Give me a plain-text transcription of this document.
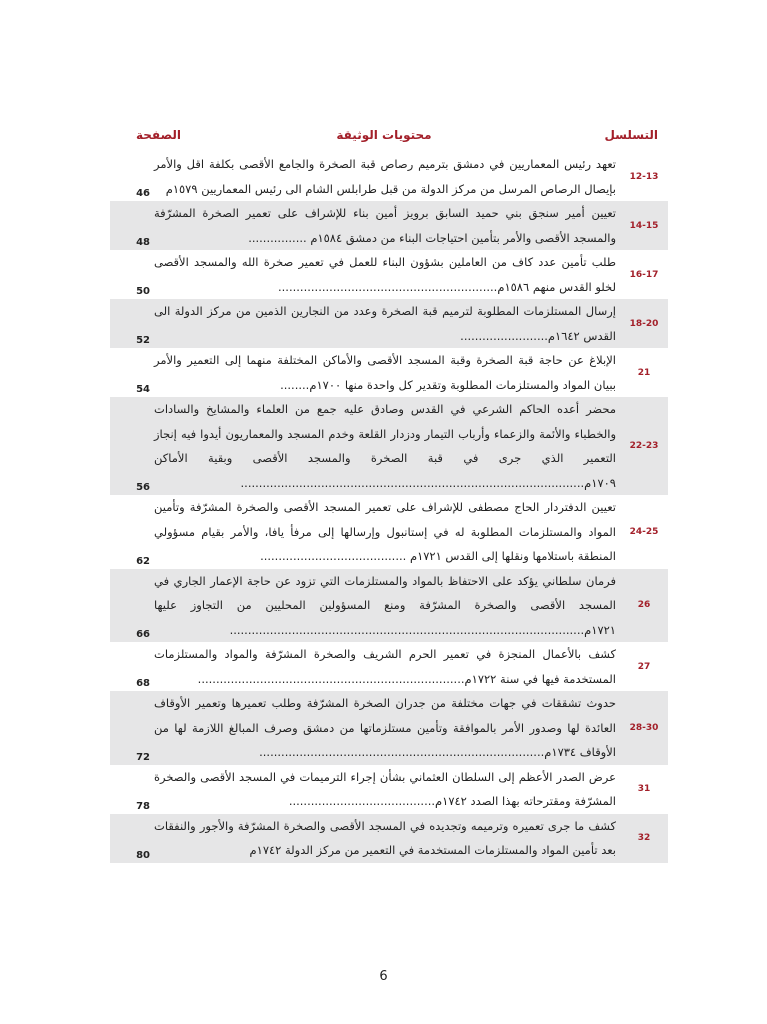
التسلسل
محتويات الوثيقة
الصفحة
12-13
46
تعهد رئيس المعماريين في دمشق بترميم رصاص قبة الصخرة والجامع الأقصى بكلفة اقل والأمر بإيصال الرصاص المرسل من مركز الدولة من قبل طرابلس الشام الى رئيس المعماريين ١٥٧٩م
14-15
48
تعيين أمير سنجق بني حميد السابق برويز أمين بناء للإشراف على تعمير الصخرة المشرّفة والمسجد الأقصى والأمر بتأمين احتياجات البناء من دمشق ١٥٨٤م ................
16-17
50
طلب تأمين عدد كاف من العاملين بشؤون البناء للعمل في تعمير صخرة الله والمسجد الأقصى لخلو القدس منهم ١٥٨٦م............................................................
18-20
52
إرسال المستلزمات المطلوبة لترميم قبة الصخرة وعدد من النجارين الذمين من مركز الدولة الى القدس ١٦٤٢م........................
21
54
الإبلاغ عن حاجة قبة الصخرة وقبة المسجد الأقصى والأماكن المختلفة منهما إلى التعمير والأمر ببيان المواد والمستلزمات المطلوبة وتقدير كل واحدة منها ١٧٠٠م........
22-23
56
محضر أعده الحاكم الشرعي في القدس وصادق عليه جمع من العلماء والمشايخ والسادات والخطباء والأئمة والزعماء وأرباب التيمار ودزدار القلعة وخدم المسجد والمعماريون أيدوا فيه إنجاز التعمير الذي جرى في قبة الصخرة والمسجد الأقصى وبقية الأماكن ١٧٠٩م..............................................................................................
24-25
62
تعيين الدفتردار الحاج مصطفى للإشراف على تعمير المسجد الأقصى والصخرة المشرّفة وتأمين المواد والمستلزمات المطلوبة له في إستانبول وإرسالها إلى مرفأ يافا، والأمر بقيام مسؤولي المنطقة باستلامها ونقلها إلى القدس ١٧٢١م ........................................
26
66
فرمان سلطاني يؤكد على الاحتفاظ بالمواد والمستلزمات التي تزود عن حاجة الإعمار الجاري في المسجد الأقصى والصخرة المشرّفة ومنع المسؤولين المحليين من التجاوز عليها ١٧٢١م.................................................................................................
27
68
كشف بالأعمال المنجزة في تعمير الحرم الشريف والصخرة المشرّفة والمواد والمستلزمات المستخدمة فيها في سنة ١٧٢٢م.........................................................................
28-30
72
حدوث تشققات في جهات مختلفة من جدران الصخرة المشرّفة وطلب تعميرها وتعمير الأوقاف العائدة لها وصدور الأمر بالموافقة وتأمين مستلزماتها من دمشق وصرف المبالغ اللازمة لها من الأوقاف ١٧٣٤م..............................................................................
31
78
عرض الصدر الأعظم إلى السلطان العثماني بشأن إجراء الترميمات في المسجد الأقصى والصخرة المشرّفة ومقترحاته بهذا الصدد ١٧٤٢م........................................
32
80
كشف ما جرى تعميره وترميمه وتجديده في المسجد الأقصى والصخرة المشرّفة والأجور والنفقات بعد تأمين المواد والمستلزمات المستخدمة في التعمير من مركز الدولة ١٧٤٢م
6
